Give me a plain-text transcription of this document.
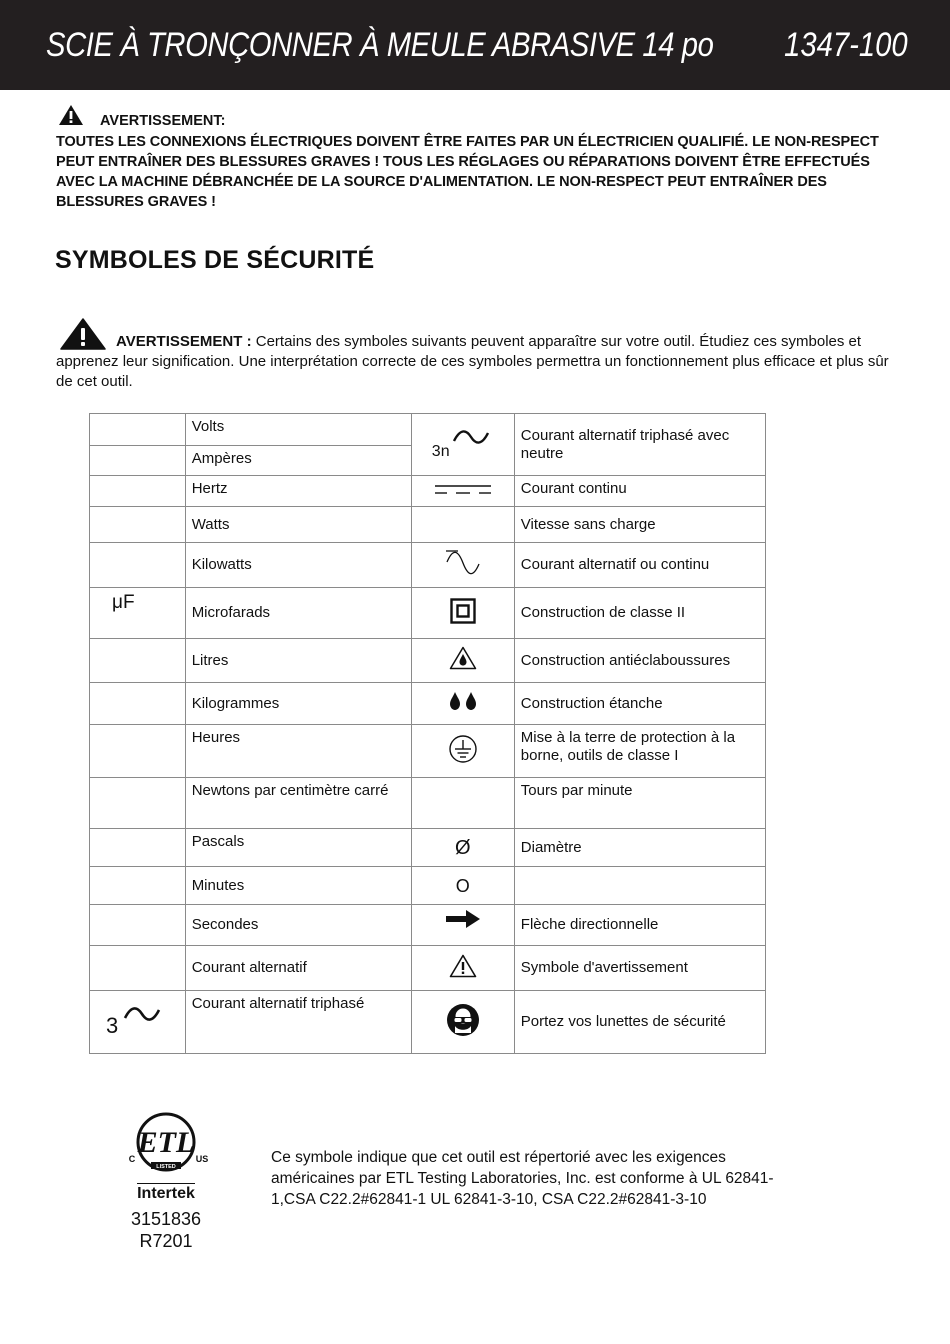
SCIE À TRONÇONNER À MEULE ABRASIVE 14 po 1347-100
AVERTISSEMENT:
TOUTES LES CONNEXIONS ÉLECTRIQUES DOIVENT ÊTRE FAITES PAR UN ÉLECTRICIEN QUALIFIÉ. LE NON-RESPECT PEUT ENTRAÎNER DES BLESSURES GRAVES ! TOUS LES RÉGLAGES OU RÉPARATIONS DOIVENT ÊTRE EFFECTUÉS AVEC LA MACHINE DÉBRANCHÉE DE LA SOURCE D'ALIMENTATION. LE NON-RESPECT PEUT ENTRAÎNER DES BLESSURES GRAVES !
SYMBOLES DE SÉCURITÉ
AVERTISSEMENT : Certains des symboles suivants peuvent apparaître sur votre outil. Étudiez ces symboles et apprenez leur signification. Une interprétation correcte de ces symboles permettra un fonctionnement plus efficace et plus sûr de cet outil.
	Volts	3n	Courant alternatif triphasé avec neutre
	Ampères		
	Hertz		Courant continu
	Watts		Vitesse sans charge
	Kilowatts		Courant alternatif ou continu
μF	Microfarads		Construction de classe II
	Litres		Construction antiéclaboussures
	Kilogrammes		Construction étanche
	Heures		Mise à la terre de protection à la borne, outils de classe I
	Newtons par centimètre carré		Tours par minute
	Pascals	Ø	Diamètre
	Minutes	O	
	Secondes		Flèche directionnelle
	Courant alternatif		Symbole d'avertissement

3	Courant alternatif triphasé		Portez vos lunettes de sécurité
ETL
C	US
LISTED
Intertek
3151836
R7201
Ce symbole indique que cet outil est répertorié avec les exigences américaines par ETL Testing Laboratories, Inc. est conforme à UL 62841-1,CSA C22.2#62841-1 UL 62841-3-10, CSA C22.2#62841-3-10
